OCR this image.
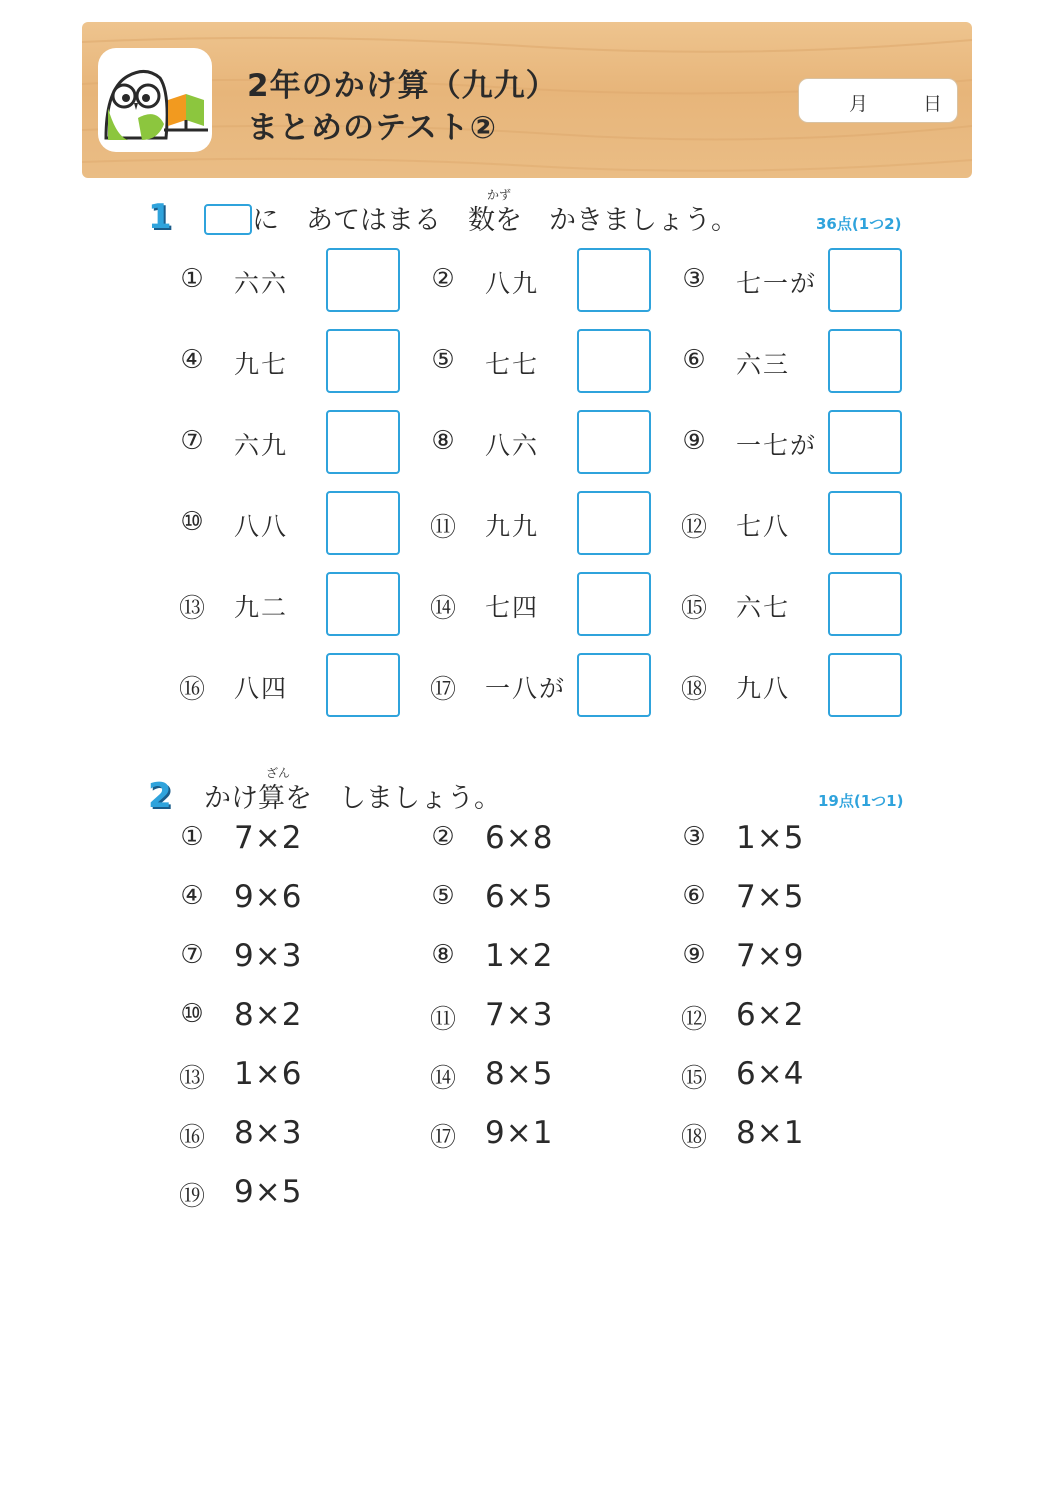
2年のかけ算（九九）
まとめのテスト②
月	日
1
かず
に　あてはまる　数を　かきましょう。	36点(1つ2)
①	六六	②	八九	③	七一が
④	九七	⑤	七七	⑥	六三
⑦	六九	⑧	八六	⑨	一七が
⑩	八八	⑪ 九九	⑫ 七八
⑬ 九二	⑭ 七四	⑮ 六七
⑯ 八四	⑰ 一八が	⑱ 九八
2
ざん
かけ算を　しましょう。	19点(1つ1)
① 7×2	② 6×8	③ 1×5
④ 9×6	⑤ 6×5	⑥ 7×5
⑦ 9×3	⑧ 1×2	⑨ 7×9
⑩ 8×2	⑪ 7×3	⑫ 6×2
⑬ 1×6	⑭ 8×5	⑮ 6×4
⑯ 8×3	⑰ 9×1	⑱ 8×1
⑲ 9×5
